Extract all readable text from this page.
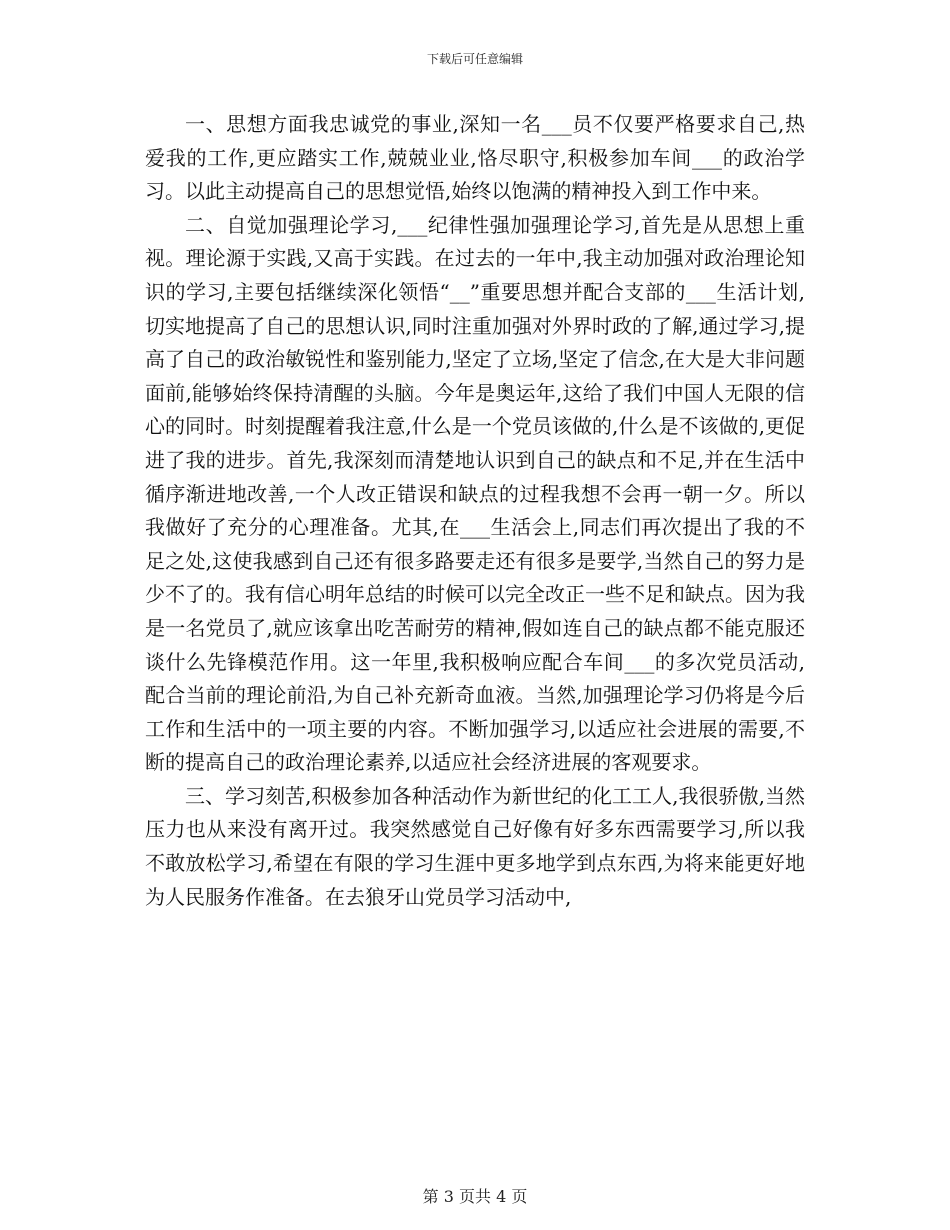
下载后可任意编辑

一、思想方面我忠诚党的事业,深知一名___员不仅要严格要求自己,热爱我的工作,更应踏实工作,兢兢业业,恪尽职守,积极参加车间___的政治学习。以此主动提高自己的思想觉悟,始终以饱满的精神投入到工作中来。

二、自觉加强理论学习,___纪律性强加强理论学习,首先是从思想上重视。理论源于实践,又高于实践。在过去的一年中,我主动加强对政治理论知识的学习,主要包括继续深化领悟“__”重要思想并配合支部的___生活计划,切实地提高了自己的思想认识,同时注重加强对外界时政的了解,通过学习,提高了自己的政治敏锐性和鉴别能力,坚定了立场,坚定了信念,在大是大非问题面前,能够始终保持清醒的头脑。今年是奥运年,这给了我们中国人无限的信心的同时。时刻提醒着我注意,什么是一个党员该做的,什么是不该做的,更促进了我的进步。首先,我深刻而清楚地认识到自己的缺点和不足,并在生活中循序渐进地改善,一个人改正错误和缺点的过程我想不会再一朝一夕。所以我做好了充分的心理准备。尤其,在___生活会上,同志们再次提出了我的不足之处,这使我感到自己还有很多路要走还有很多是要学,当然自己的努力是少不了的。我有信心明年总结的时候可以完全改正一些不足和缺点。因为我是一名党员了,就应该拿出吃苦耐劳的精神,假如连自己的缺点都不能克服还谈什么先锋模范作用。这一年里,我积极响应配合车间___的多次党员活动,配合当前的理论前沿,为自己补充新奇血液。当然,加强理论学习仍将是今后工作和生活中的一项主要的内容。不断加强学习,以适应社会进展的需要,不断的提高自己的政治理论素养,以适应社会经济进展的客观要求。

三、学习刻苦,积极参加各种活动作为新世纪的化工工人,我很骄傲,当然压力也从来没有离开过。我突然感觉自己好像有好多东西需要学习,所以我不敢放松学习,希望在有限的学习生涯中更多地学到点东西,为将来能更好地为人民服务作准备。在去狼牙山党员学习活动中,

第 3 页共 4 页
